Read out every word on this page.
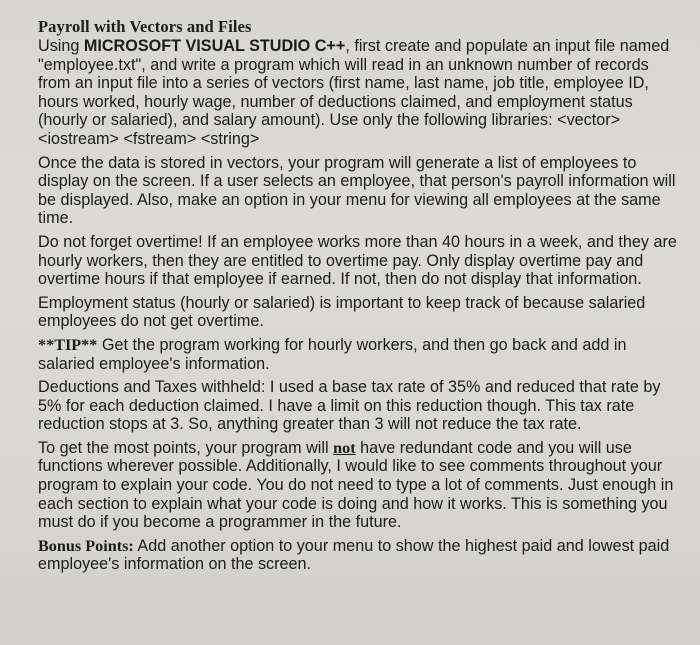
Payroll with Vectors and Files
Using MICROSOFT VISUAL STUDIO C++, first create and populate an input file named "employee.txt", and write a program which will read in an unknown number of records from an input file into a series of vectors (first name, last name, job title, employee ID, hours worked, hourly wage, number of deductions claimed, and employment status (hourly or salaried), and salary amount). Use only the following libraries: <vector> <iostream> <fstream> <string>
Once the data is stored in vectors, your program will generate a list of employees to display on the screen. If a user selects an employee, that person's payroll information will be displayed. Also, make an option in your menu for viewing all employees at the same time.
Do not forget overtime! If an employee works more than 40 hours in a week, and they are hourly workers, then they are entitled to overtime pay. Only display overtime pay and overtime hours if that employee if earned. If not, then do not display that information.
Employment status (hourly or salaried) is important to keep track of because salaried employees do not get overtime.
**TIP** Get the program working for hourly workers, and then go back and add in salaried employee's information.
Deductions and Taxes withheld: I used a base tax rate of 35% and reduced that rate by 5% for each deduction claimed. I have a limit on this reduction though. This tax rate reduction stops at 3. So, anything greater than 3 will not reduce the tax rate.
To get the most points, your program will not have redundant code and you will use functions wherever possible. Additionally, I would like to see comments throughout your program to explain your code. You do not need to type a lot of comments. Just enough in each section to explain what your code is doing and how it works. This is something you must do if you become a programmer in the future.
Bonus Points: Add another option to your menu to show the highest paid and lowest paid employee's information on the screen.
